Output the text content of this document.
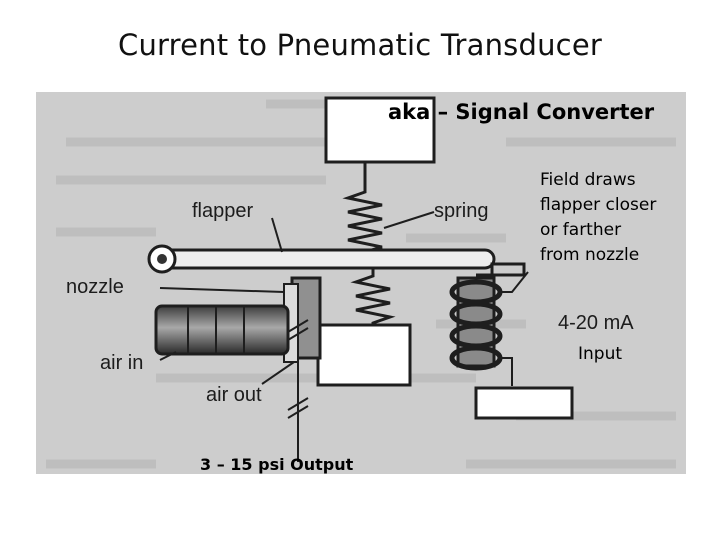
Current to Pneumatic Transducer
flapper	spring
nozzle
4-20 mA
air in
air out
aka – Signal Converter
Field draws
flapper closer
or farther
from nozzle
Input
3 – 15 psi Output
